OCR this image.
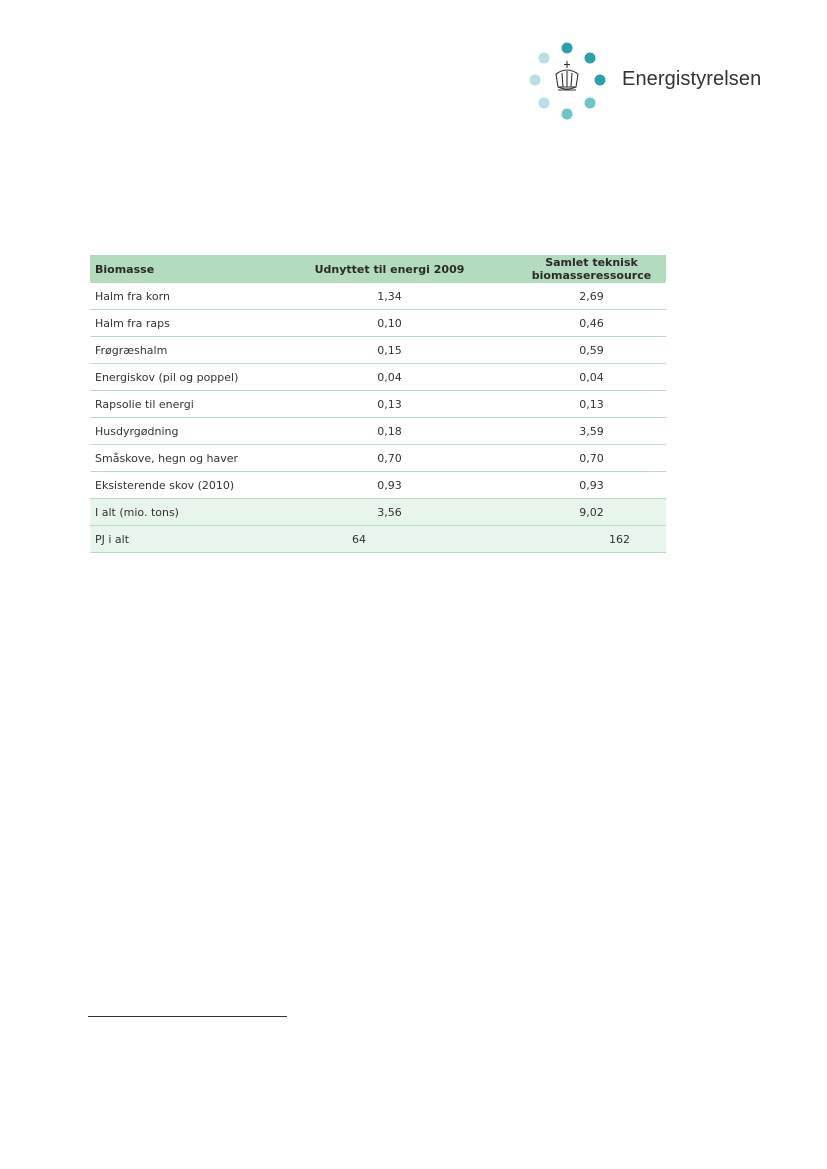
Energistyrelsen
Biomasse	Udnyttet til energi 2009	Samlet teknisk biomasseressource
Halm fra korn	1,34	2,69
Halm fra raps	0,10	0,46
Frøgræshalm	0,15	0,59
Energiskov (pil og poppel)	0,04	0,04
Rapsolie til energi	0,13	0,13
Husdyrgødning	0,18	3,59
Småskove, hegn og haver	0,70	0,70
Eksisterende skov (2010)	0,93	0,93
I alt (mio. tons)	3,56	9,02
PJ i alt	64	162
